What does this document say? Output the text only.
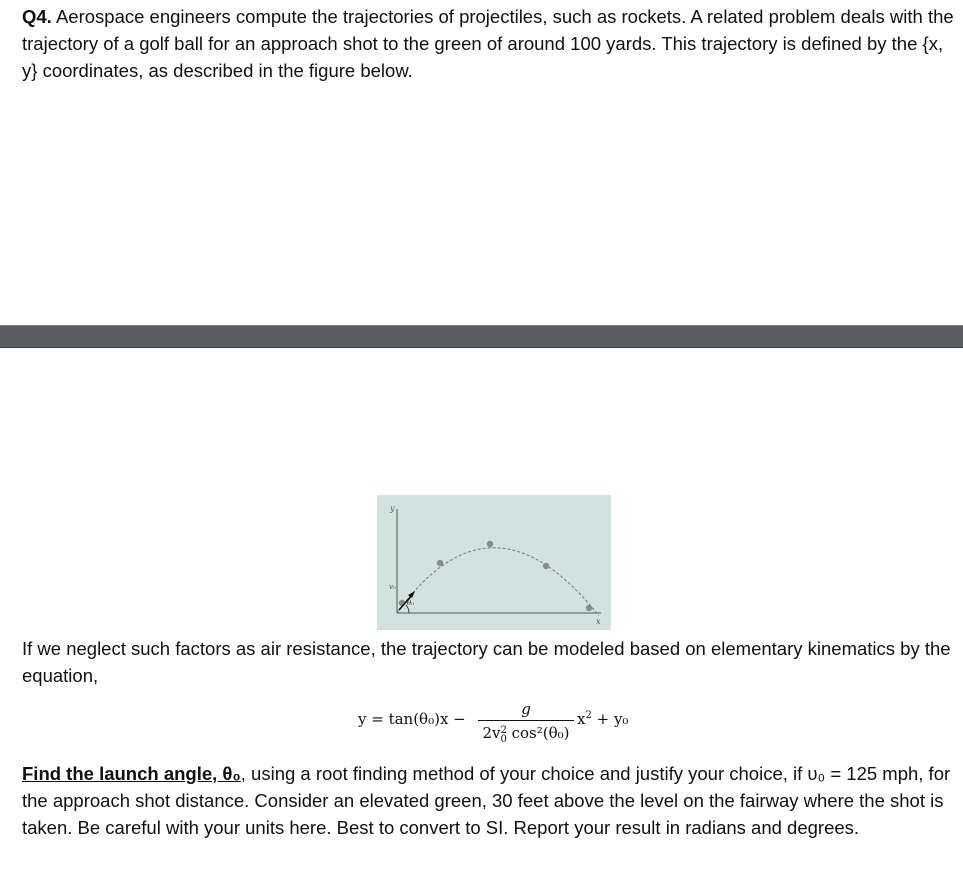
Q4. Aerospace engineers compute the trajectories of projectiles, such as rockets. A related problem deals with the trajectory of a golf ball for an approach shot to the green of around 100 yards. This trajectory is defined by the {x, y} coordinates, as described in the figure below.

y
x
v₀
θ₀

If we neglect such factors as air resistance, the trajectory can be modeled based on elementary kinematics by the equation,

y = tan(θ₀)x −
g
2v 2
0 cos²(θ₀)
$x^2 + y_0$

Find the launch angle, θ₀, using a root finding method of your choice and justify your choice, if υ₀ = 125 mph, for the approach shot distance. Consider an elevated green, 30 feet above the level on the fairway where the shot is taken. Be careful with your units here. Best to convert to SI. Report your result in radians and degrees.
